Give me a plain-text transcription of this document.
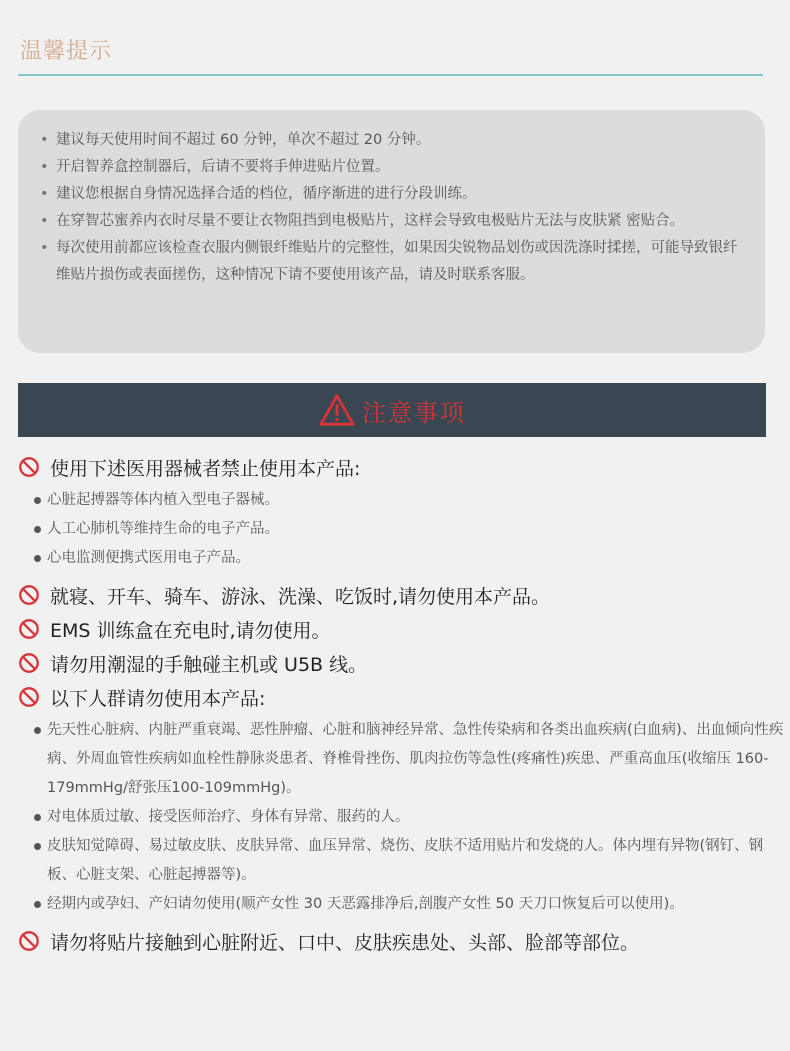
温馨提示
• 建议每天使用时间不超过 60 分钟，单次不超过 20 分钟。
• 开启智养盒控制器后，后请不要将手伸进贴片位置。
• 建议您根据自身情况选择合适的档位，循序渐进的进行分段训练。
• 在穿智芯蜜养内衣时尽量不要让衣物阻挡到电极贴片，这样会导致电极贴片无法与皮肤紧 密贴合。
• 每次使用前都应该检查衣服内侧银纤维贴片的完整性，如果因尖锐物品划伤或因洗涤时揉搓，可能导致银纤维贴片损伤或表面搓伤，这种情况下请不要使用该产品，请及时联系客服。
注意事项
使用下述医用器械者禁止使用本产品:
心脏起搏器等体内植入型电子器械。
人工心肺机等维持生命的电子产品。
心电监测便携式医用电子产品。
就寝、开车、骑车、游泳、洗澡、吃饭时,请勿使用本产品。
EMS 训练盒在充电时,请勿使用。
请勿用潮湿的手触碰主机或 U5B 线。
以下人群请勿使用本产品:
先天性心脏病、内脏严重衰竭、恶性肿瘤、心脏和脑神经异常、急性传染病和各类出血疾病(白血病)、出血倾向性疾病、外周血管性疾病如血栓性静脉炎患者、脊椎骨挫伤、肌肉拉伤等急性(疼痛性)疾患、严重高血压(收缩压 160-179mmHg/舒张压100-109mmHg)。
对电体质过敏、接受医师治疗、身体有异常、服药的人。
皮肤知觉障碍、易过敏皮肤、皮肤异常、血压异常、烧伤、皮肤不适用贴片和发烧的人。体内埋有异物(钢钉、钢板、心脏支架、心脏起搏器等)。
经期内或孕妇、产妇请勿使用(顺产女性 30 天恶露排净后,剖腹产女性 50 天刀口恢复后可以使用)。
请勿将贴片接触到心脏附近、口中、皮肤疾患处、头部、脸部等部位。
